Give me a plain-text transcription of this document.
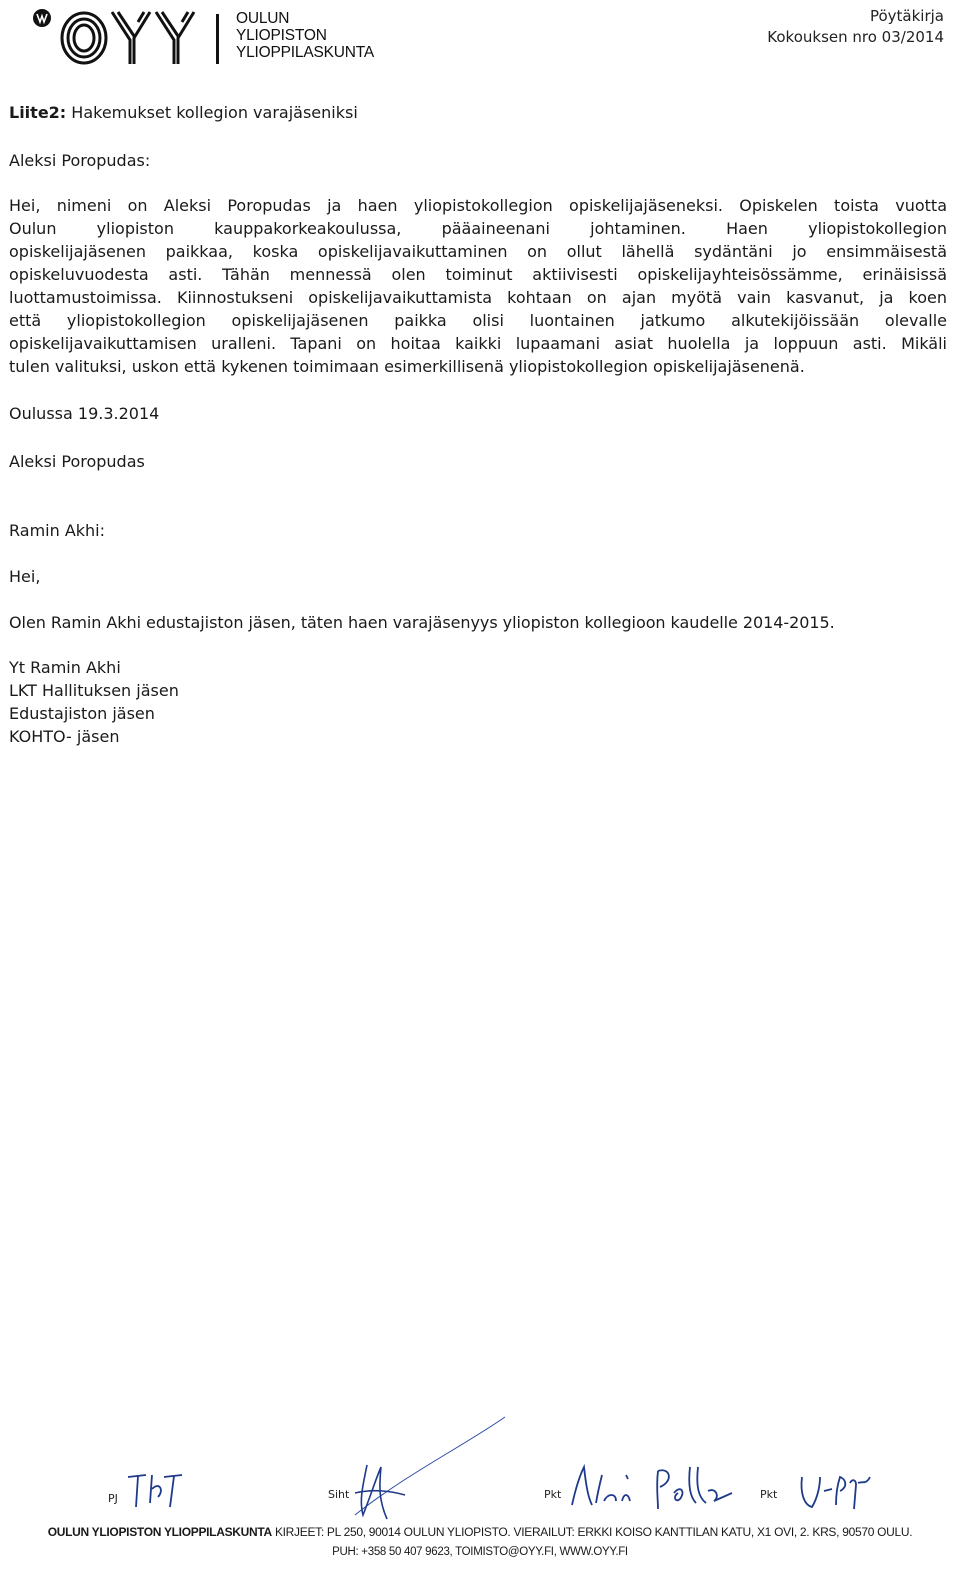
OULUN
YLIOPISTON
YLIOPPILASKUNTA
Pöytäkirja
Kokouksen nro 03/2014
Liite2: Hakemukset kollegion varajäseniksi
Aleksi Poropudas:
Hei, nimeni on Aleksi Poropudas ja haen yliopistokollegion opiskelijajäseneksi. Opiskelen toista vuotta
Oulun yliopiston kauppakorkeakoulussa, pääaineenani johtaminen. Haen yliopistokollegion
opiskelijajäsenen paikkaa, koska opiskelijavaikuttaminen on ollut lähellä sydäntäni jo ensimmäisestä
opiskeluvuodesta asti. Tähän mennessä olen toiminut aktiivisesti opiskelijayhteisössämme, erinäisissä
luottamustoimissa. Kiinnostukseni opiskelijavaikuttamista kohtaan on ajan myötä vain kasvanut, ja koen
että yliopistokollegion opiskelijajäsenen paikka olisi luontainen jatkumo alkutekijöissään olevalle
opiskelijavaikuttamisen uralleni. Tapani on hoitaa kaikki lupaamani asiat huolella ja loppuun asti. Mikäli
tulen valituksi, uskon että kykenen toimimaan esimerkillisenä yliopistokollegion opiskelijajäsenenä.
Oulussa 19.3.2014
Aleksi Poropudas
Ramin Akhi:
Hei,
Olen Ramin Akhi edustajiston jäsen, täten haen varajäsenyys yliopiston kollegioon kaudelle 2014-2015.
Yt Ramin Akhi
LKT Hallituksen jäsen
Edustajiston jäsen
KOHTO- jäsen
PJ	Siht	Pkt	Pkt
OULUN YLIOPISTON YLIOPPILASKUNTA KIRJEET: PL 250, 90014 OULUN YLIOPISTO. VIERAILUT: ERKKI KOISO KANTTILAN KATU, X1 OVI, 2. KRS, 90570 OULU.
PUH: +358 50 407 9623, TOIMISTO@OYY.FI, WWW.OYY.FI
